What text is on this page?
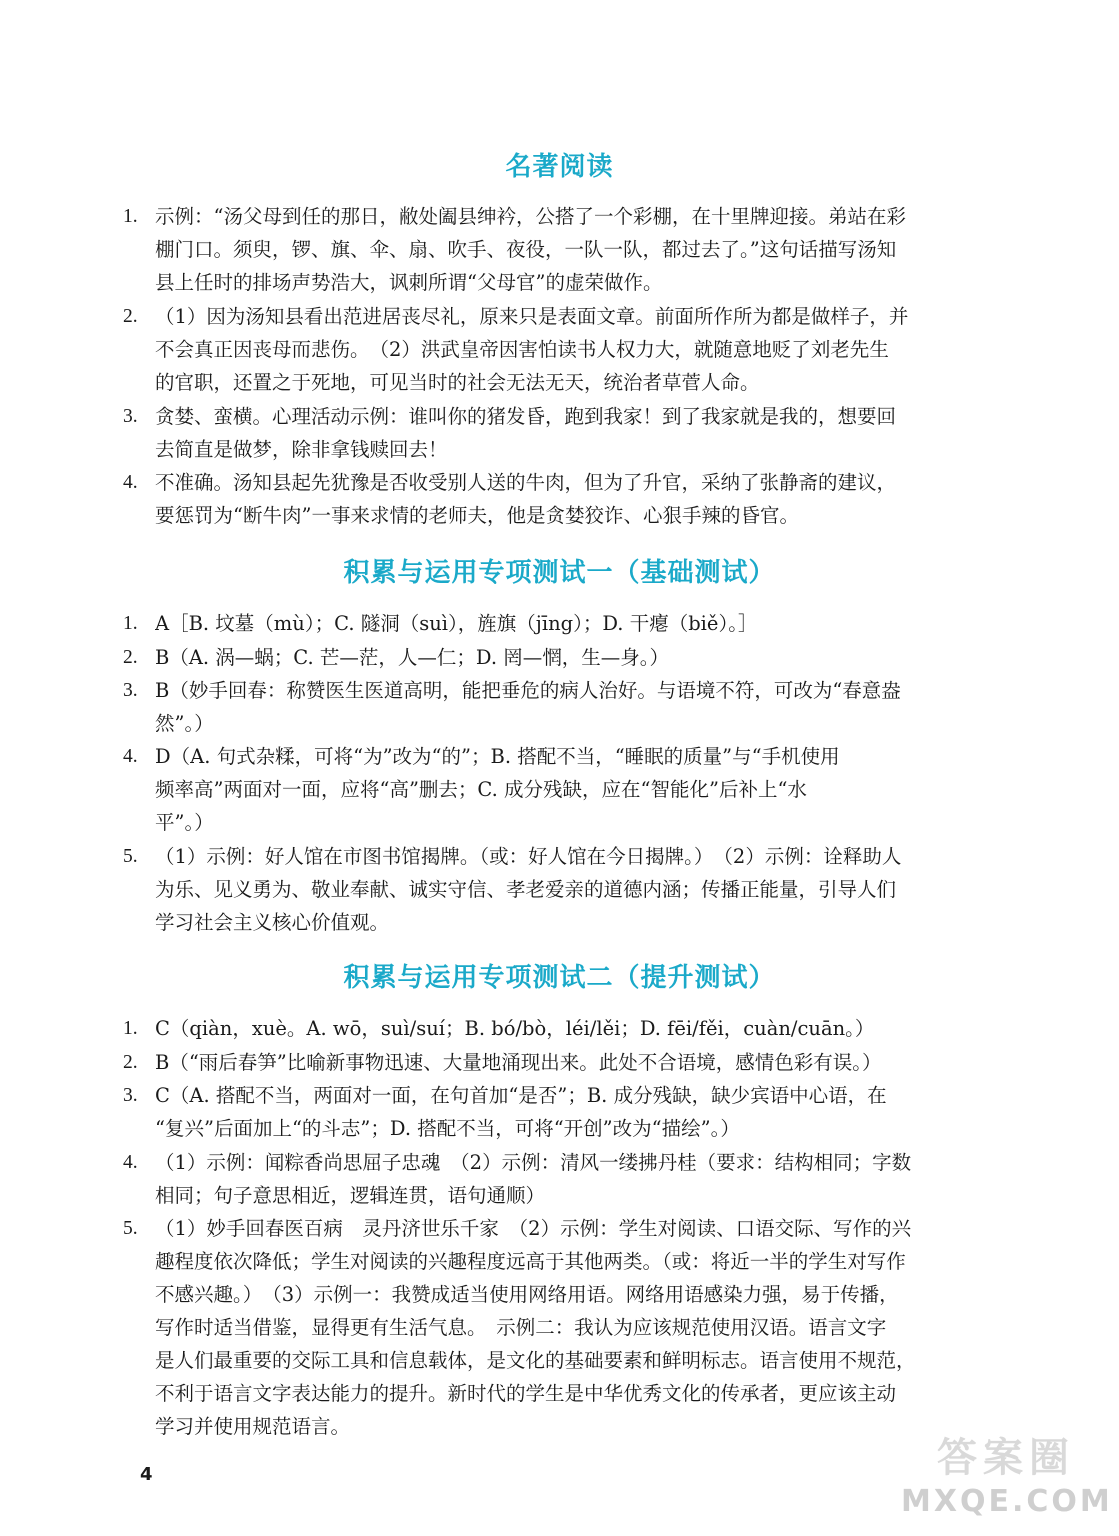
名著阅读
1. 示例：“汤父母到任的那日，敝处阖县绅衿，公搭了一个彩棚，在十里牌迎接。弟站在彩
棚门口。须臾，锣、旗、伞、扇、吹手、夜役，一队一队，都过去了。”这句话描写汤知
县上任时的排场声势浩大，讽刺所谓“父母官”的虚荣做作。
2. （1）因为汤知县看出范进居丧尽礼，原来只是表面文章。前面所作所为都是做样子，并
不会真正因丧母而悲伤。　（2）洪武皇帝因害怕读书人权力大，就随意地贬了刘老先生
的官职，还置之于死地，可见当时的社会无法无天，统治者草菅人命。
3. 贪婪、蛮横。心理活动示例：谁叫你的猪发昏，跑到我家！到了我家就是我的，想要回
去简直是做梦，除非拿钱赎回去！
4. 不准确。汤知县起先犹豫是否收受别人送的牛肉，但为了升官，采纳了张静斋的建议，
要惩罚为“断牛肉”一事来求情的老师夫，他是贪婪狡诈、心狠手辣的昏官。
积累与运用专项测试一（基础测试）
1. A［B. 坟墓（mù）；C. 隧洞（suì），旌旗（jīng）；D. 干瘪（biě）。］
2. B（A. 涡—蜗；C. 芒—茫，人—仁；D. 罔—惘，生—身。）
3. B（妙手回春：称赞医生医道高明，能把垂危的病人治好。与语境不符，可改为“春意盎
然”。）
4. D（A. 句式杂糅，可将“为”改为“的”；B. 搭配不当，“睡眠的质量”与“手机使用
频率高”两面对一面，应将“高”删去；C. 成分残缺，应在“智能化”后补上“水
平”。）
5. （1）示例：好人馆在市图书馆揭牌。（或：好人馆在今日揭牌。）　（2）示例：诠释助人
为乐、见义勇为、敬业奉献、诚实守信、孝老爱亲的道德内涵；传播正能量，引导人们
学习社会主义核心价值观。
积累与运用专项测试二（提升测试）
1. C（qiàn，xuè。A. wō，suì/suí；B. bó/bò，léi/lěi；D. fēi/fěi，cuàn/cuān。）
2. B（“雨后春笋”比喻新事物迅速、大量地涌现出来。此处不合语境，感情色彩有误。）
3. C（A. 搭配不当，两面对一面，在句首加“是否”；B. 成分残缺，缺少宾语中心语，在
“复兴”后面加上“的斗志”；D. 搭配不当，可将“开创”改为“描绘”。）
4. （1）示例：闻粽香尚思屈子忠魂　（2）示例：清风一缕拂丹桂（要求：结构相同；字数
相同；句子意思相近，逻辑连贯，语句通顺）
5. （1）妙手回春医百病　灵丹济世乐千家　（2）示例：学生对阅读、口语交际、写作的兴
趣程度依次降低；学生对阅读的兴趣程度远高于其他两类。（或：将近一半的学生对写作
不感兴趣。）　（3）示例一：我赞成适当使用网络用语。网络用语感染力强，易于传播，
写作时适当借鉴，显得更有生活气息。　示例二：我认为应该规范使用汉语。语言文字
是人们最重要的交际工具和信息载体，是文化的基础要素和鲜明标志。语言使用不规范，
不利于语言文字表达能力的提升。新时代的学生是中华优秀文化的传承者，更应该主动
学习并使用规范语言。
4	答案圈
MXQE.COM
